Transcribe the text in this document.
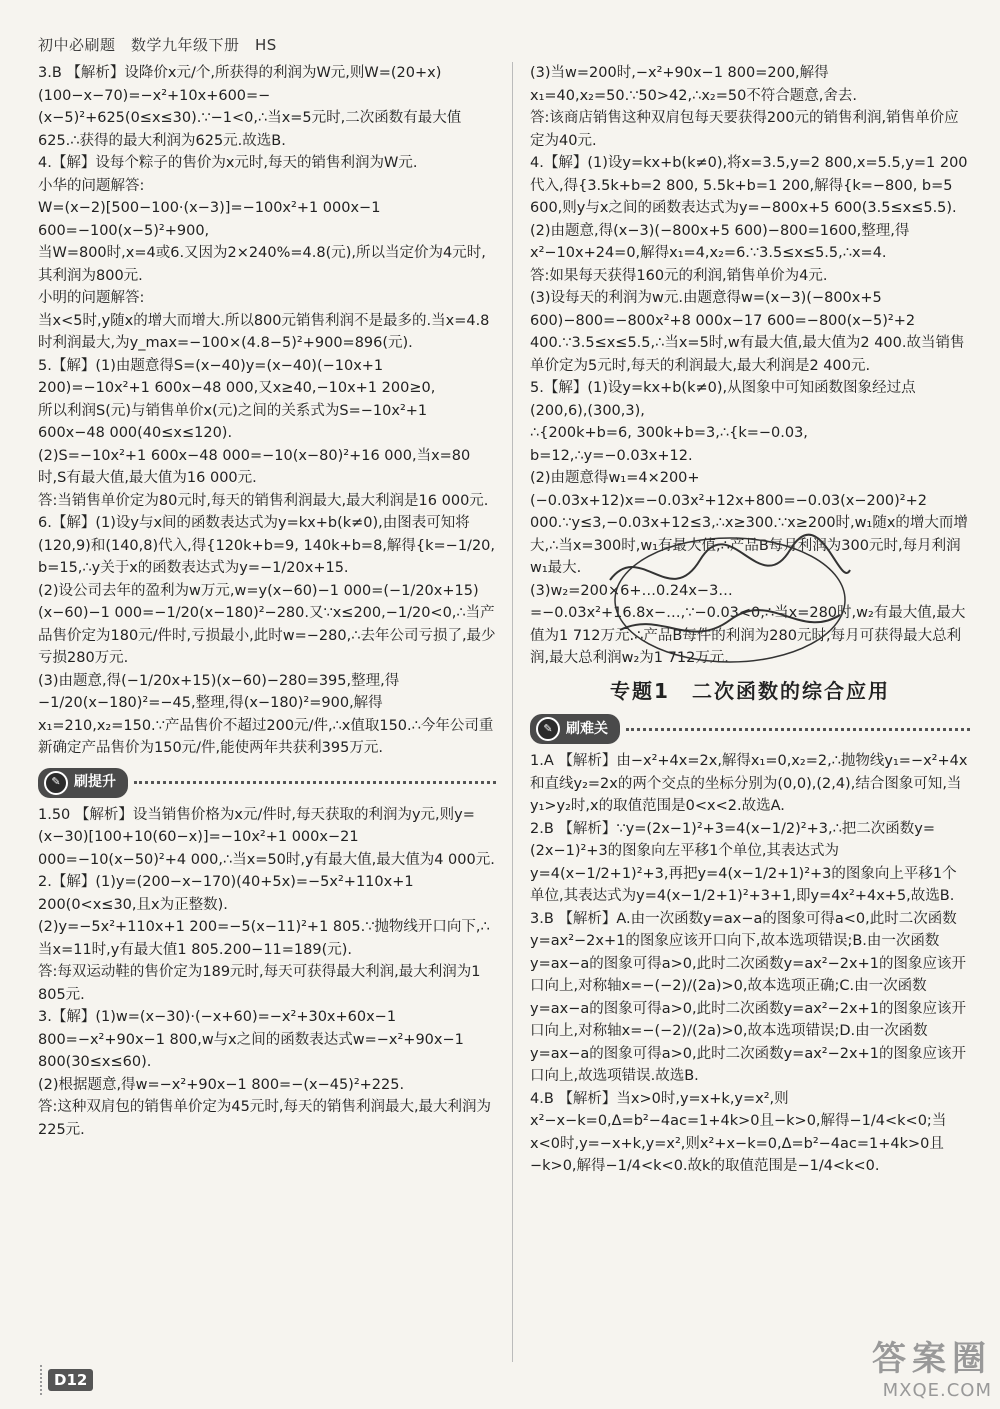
初中必刷题　数学九年级下册　HS

3.B 【解析】设降价x元/个,所获得的利润为W元,则W=(20+x)(100−x−70)=−x²+10x+600=−(x−5)²+625(0≤x≤30).∵−1<0,∴当x=5元时,二次函数有最大值625.∴获得的最大利润为625元.故选B.

4.【解】设每个粽子的售价为x元时,每天的销售利润为W元.
小华的问题解答:
W=(x−2)[500−100·(x−3)]=−100x²+1 000x−1 600=−100(x−5)²+900,
当W=800时,x=4或6.又因为2×240%=4.8(元),所以当定价为4元时,其利润为800元.
小明的问题解答:
当x<5时,y随x的增大而增大.所以800元销售利润不是最多的.当x=4.8时利润最大,为y_max=−100×(4.8−5)²+900=896(元).

5.【解】(1)由题意得S=(x−40)y=(x−40)(−10x+1 200)=−10x²+1 600x−48 000,又x≥40,−10x+1 200≥0,
所以利润S(元)与销售单价x(元)之间的关系式为S=−10x²+1 600x−48 000(40≤x≤120).
(2)S=−10x²+1 600x−48 000=−10(x−80)²+16 000,当x=80时,S有最大值,最大值为16 000元.
答:当销售单价定为80元时,每天的销售利润最大,最大利润是16 000元.

6.【解】(1)设y与x间的函数表达式为y=kx+b(k≠0),由图表可知将(120,9)和(140,8)代入,得{120k+b=9, 140k+b=8,解得{k=−1/20, b=15,∴y关于x的函数表达式为y=−1/20x+15.
(2)设公司去年的盈利为w万元,w=y(x−60)−1 000=(−1/20x+15)(x−60)−1 000=−1/20(x−180)²−280.又∵x≤200,−1/20<0,∴当产品售价定为180元/件时,亏损最小,此时w=−280,∴去年公司亏损了,最少亏损280万元.
(3)由题意,得(−1/20x+15)(x−60)−280=395,整理,得−1/20(x−180)²=−45,整理,得(x−180)²=900,解得x₁=210,x₂=150.∵产品售价不超过200元/件,∴x值取150.∴今年公司重新确定产品售价为150元/件,能使两年共获利395万元.

✎ 刷提升

1.50 【解析】设当销售价格为x元/件时,每天获取的利润为y元,则y=(x−30)[100+10(60−x)]=−10x²+1 000x−21 000=−10(x−50)²+4 000,∴当x=50时,y有最大值,最大值为4 000元.

2.【解】(1)y=(200−x−170)(40+5x)=−5x²+110x+1 200(0<x≤30,且x为正整数).
(2)y=−5x²+110x+1 200=−5(x−11)²+1 805.∵抛物线开口向下,∴当x=11时,y有最大值1 805.200−11=189(元).
答:每双运动鞋的售价定为189元时,每天可获得最大利润,最大利润为1 805元.

3.【解】(1)w=(x−30)·(−x+60)=−x²+30x+60x−1 800=−x²+90x−1 800,w与x之间的函数表达式w=−x²+90x−1 800(30≤x≤60).
(2)根据题意,得w=−x²+90x−1 800=−(x−45)²+225.
答:这种双肩包的销售单价定为45元时,每天的销售利润最大,最大利润为225元.

(3)当w=200时,−x²+90x−1 800=200,解得x₁=40,x₂=50.∵50>42,∴x₂=50不符合题意,舍去.
答:该商店销售这种双肩包每天要获得200元的销售利润,销售单价应定为40元.

4.【解】(1)设y=kx+b(k≠0),将x=3.5,y=2 800,x=5.5,y=1 200代入,得{3.5k+b=2 800, 5.5k+b=1 200,解得{k=−800, b=5 600,则y与x之间的函数表达式为y=−800x+5 600(3.5≤x≤5.5).
(2)由题意,得(x−3)(−800x+5 600)−800=1600,整理,得x²−10x+24=0,解得x₁=4,x₂=6.∵3.5≤x≤5.5,∴x=4.
答:如果每天获得160元的利润,销售单价为4元.
(3)设每天的利润为w元.由题意得w=(x−3)(−800x+5 600)−800=−800x²+8 000x−17 600=−800(x−5)²+2 400.∵3.5≤x≤5.5,∴当x=5时,w有最大值,最大值为2 400.故当销售单价定为5元时,每天的利润最大,最大利润是2 400元.

5.【解】(1)设y=kx+b(k≠0),从图象中可知函数图象经过点(200,6),(300,3),
∴{200k+b=6, 300k+b=3,∴{k=−0.03, b=12,∴y=−0.03x+12.
(2)由题意得w₁=4×200+(−0.03x+12)x=−0.03x²+12x+800=−0.03(x−200)²+2 000.∵y≤3,−0.03x+12≤3,∴x≥300.∵x≥200时,w₁随x的增大而增大,∴当x=300时,w₁有最大值,∴产品B每月利润为300元时,每月利润w₁最大.
(3)w₂=200×6+…0.24x−3…=−0.03x²+16.8x−…,∵−0.03<0,∴当x=280时,w₂有最大值,最大值为1 712万元.∴产品B每件的利润为280元时,每月可获得最大总利润,最大总利润w₂为1 712万元.

专题1　二次函数的综合应用
✎ 刷难关

1.A 【解析】由−x²+4x=2x,解得x₁=0,x₂=2,∴抛物线y₁=−x²+4x和直线y₂=2x的两个交点的坐标分别为(0,0),(2,4),结合图象可知,当y₁>y₂时,x的取值范围是0<x<2.故选A.

2.B 【解析】∵y=(2x−1)²+3=4(x−1/2)²+3,∴把二次函数y=(2x−1)²+3的图象向左平移1个单位,其表达式为y=4(x−1/2+1)²+3,再把y=4(x−1/2+1)²+3的图象向上平移1个单位,其表达式为y=4(x−1/2+1)²+3+1,即y=4x²+4x+5,故选B.

3.B 【解析】A.由一次函数y=ax−a的图象可得a<0,此时二次函数y=ax²−2x+1的图象应该开口向下,故本选项错误;B.由一次函数y=ax−a的图象可得a>0,此时二次函数y=ax²−2x+1的图象应该开口向上,对称轴x=−(−2)/(2a)>0,故本选项正确;C.由一次函数y=ax−a的图象可得a>0,此时二次函数y=ax²−2x+1的图象应该开口向上,对称轴x=−(−2)/(2a)>0,故本选项错误;D.由一次函数y=ax−a的图象可得a>0,此时二次函数y=ax²−2x+1的图象应该开口向上,故选项错误.故选B.

4.B 【解析】当x>0时,y=x+k,y=x²,则x²−x−k=0,Δ=b²−4ac=1+4k>0且−k>0,解得−1/4<k<0;当x<0时,y=−x+k,y=x²,则x²+x−k=0,Δ=b²−4ac=1+4k>0且−k>0,解得−1/4<k<0.故k的取值范围是−1/4<k<0.

D12
答案圈
MXQE.COM
